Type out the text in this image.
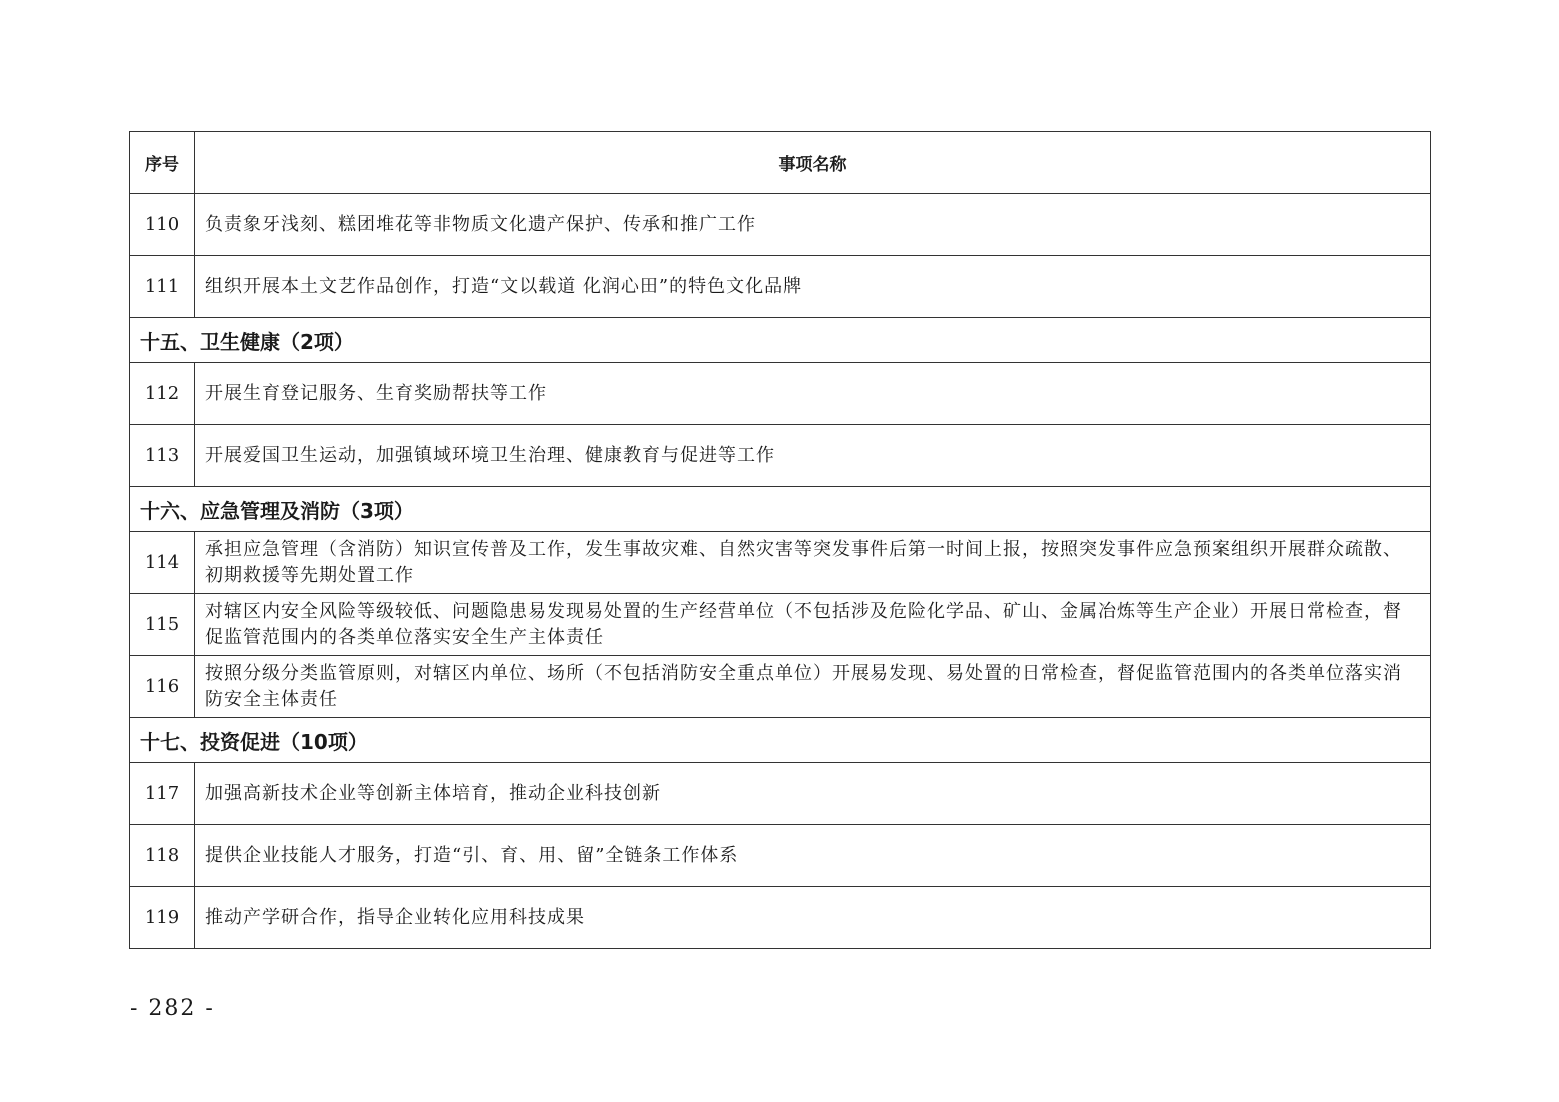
序号	事项名称
110	负责象牙浅刻、糕团堆花等非物质文化遗产保护、传承和推广工作
111	组织开展本土文艺作品创作，打造“文以载道 化润心田”的特色文化品牌
十五、卫生健康（2项）	
112	开展生育登记服务、生育奖励帮扶等工作
113	开展爱国卫生运动，加强镇域环境卫生治理、健康教育与促进等工作
十六、应急管理及消防（3项）	
114	承担应急管理（含消防）知识宣传普及工作，发生事故灾难、自然灾害等突发事件后第一时间上报，按照突发事件应急预案组织开展群众疏散、初期救援等先期处置工作
115	对辖区内安全风险等级较低、问题隐患易发现易处置的生产经营单位（不包括涉及危险化学品、矿山、金属冶炼等生产企业）开展日常检查，督促监管范围内的各类单位落实安全生产主体责任
116	按照分级分类监管原则，对辖区内单位、场所（不包括消防安全重点单位）开展易发现、易处置的日常检查，督促监管范围内的各类单位落实消防安全主体责任
十七、投资促进（10项）	
117	加强高新技术企业等创新主体培育，推动企业科技创新
118	提供企业技能人才服务，打造“引、育、用、留”全链条工作体系
119	推动产学研合作，指导企业转化应用科技成果
- 282 -
